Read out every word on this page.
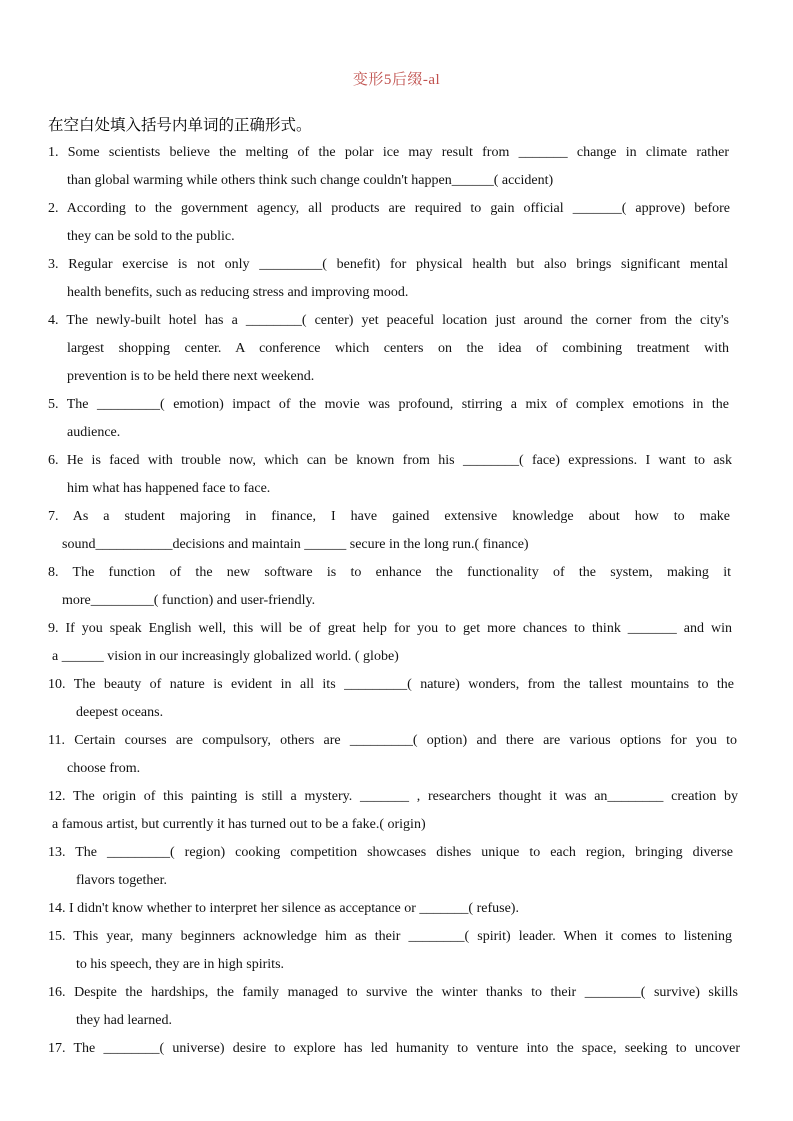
变形5后缀-al
在空白处填入括号内单词的正确形式。
1. Some scientists believe the melting of the polar ice may result from _______ change in climate rather
than global warming while others think such change couldn't happen______( accident)
2. According to the government agency, all products are required to gain official _______( approve) before
they can be sold to the public.
3. Regular exercise is not only _________( benefit) for physical health but also brings significant mental
health benefits, such as reducing stress and improving mood.
4. The newly-built hotel has a ________( center) yet peaceful location just around the corner from the city's
largest shopping center. A conference which centers on the idea of combining treatment with
prevention is to be held there next weekend.
5. The _________( emotion) impact of the movie was profound, stirring a mix of complex emotions in the
audience.
6. He is faced with trouble now, which can be known from his ________( face) expressions. I want to ask
him what has happened face to face.
7. As a student majoring in finance, I have gained extensive knowledge about how to make
sound___________decisions and maintain ______ secure in the long run.( finance)
8. The function of the new software is to enhance the functionality of the system, making it
more_________( function) and user-friendly.
9. If you speak English well, this will be of great help for you to get more chances to think _______ and win
a ______ vision in our increasingly globalized world. ( globe)
10. The beauty of nature is evident in all its _________( nature) wonders, from the tallest mountains to the
deepest oceans.
11. Certain courses are compulsory, others are _________( option) and there are various options for you to
choose from.
12. The origin of this painting is still a mystery. _______ , researchers thought it was an________ creation by
a famous artist, but currently it has turned out to be a fake.( origin)
13. The _________( region) cooking competition showcases dishes unique to each region, bringing diverse
flavors together.
14. I didn't know whether to interpret her silence as acceptance or _______( refuse).
15. This year, many beginners acknowledge him as their ________( spirit) leader. When it comes to listening
to his speech, they are in high spirits.
16. Despite the hardships, the family managed to survive the winter thanks to their ________( survive) skills
they had learned.
17. The ________( universe) desire to explore has led humanity to venture into the space, seeking to uncover
